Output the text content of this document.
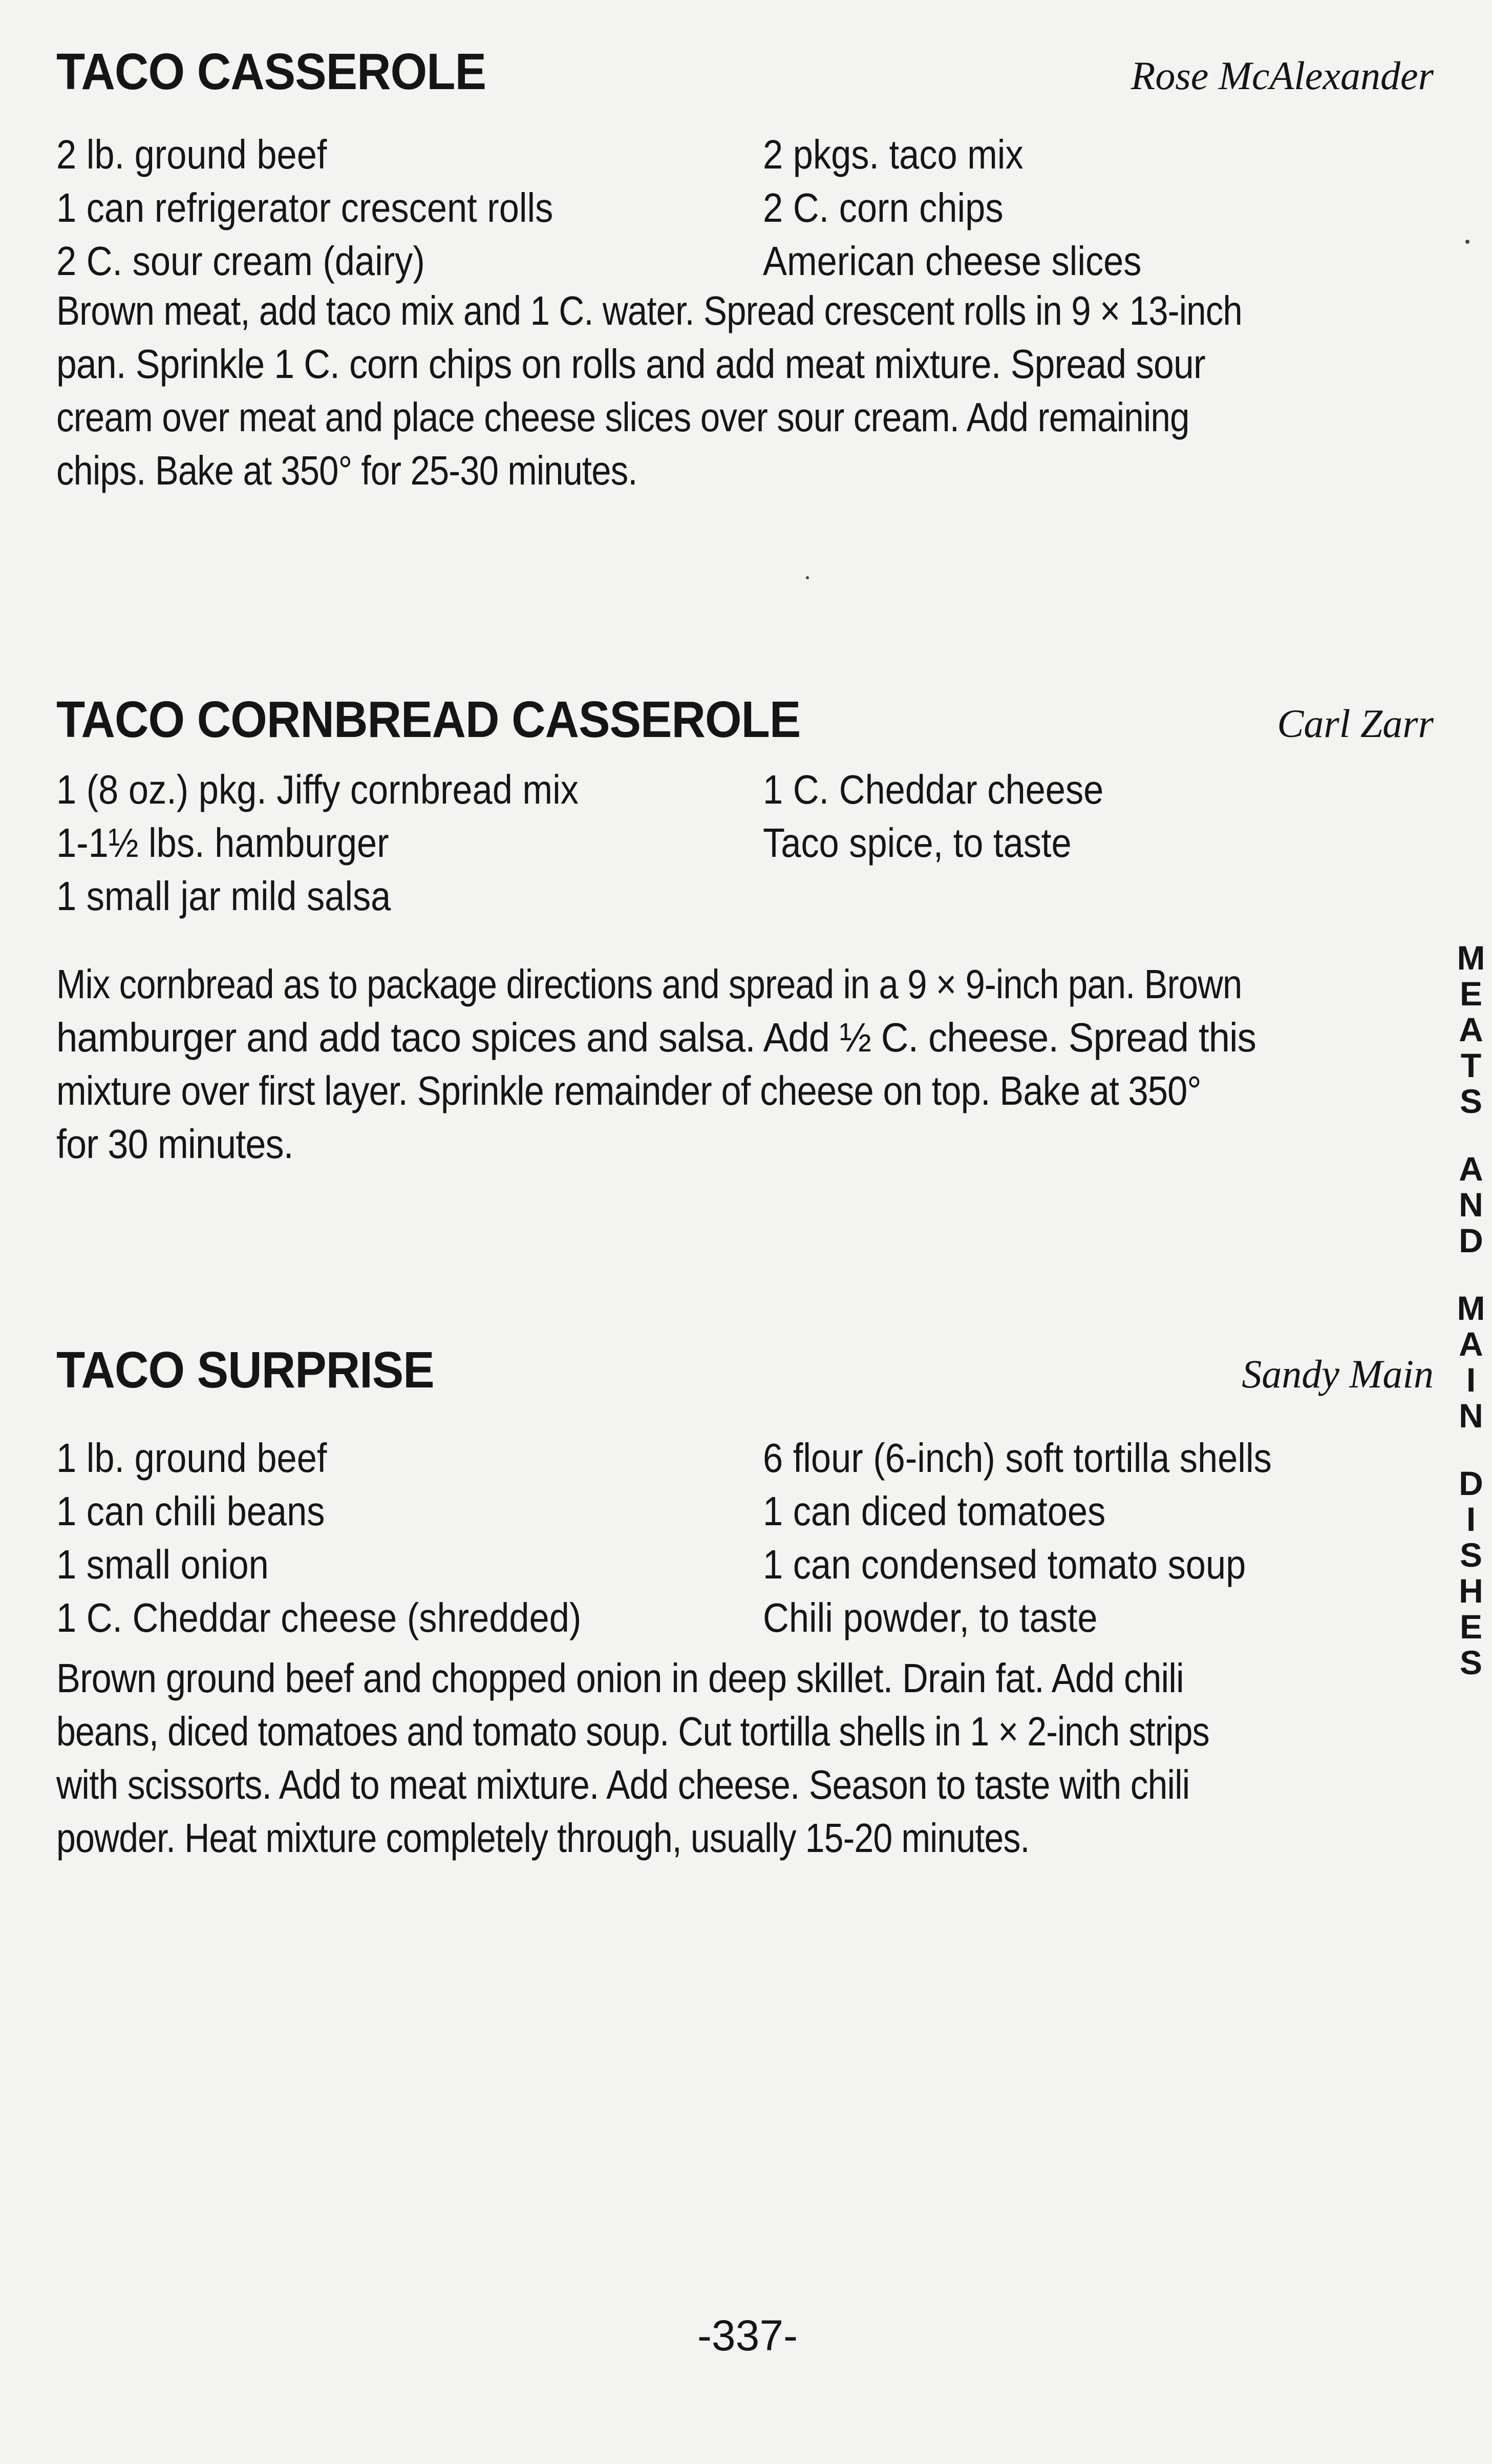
TACO CASSEROLE	Rose McAlexander
2 lb. ground beef
1 can refrigerator crescent rolls
2 C. sour cream (dairy)
2 pkgs. taco mix
2 C. corn chips
American cheese slices
Brown meat, add taco mix and 1 C. water. Spread crescent rolls in 9 × 13-inch
pan. Sprinkle 1 C. corn chips on rolls and add meat mixture. Spread sour
cream over meat and place cheese slices over sour cream. Add remaining
chips. Bake at 350° for 25-30 minutes.
TACO CORNBREAD CASSEROLE	Carl Zarr
1 (8 oz.) pkg. Jiffy cornbread mix
1-1½ lbs. hamburger
1 small jar mild salsa
1 C. Cheddar cheese
Taco spice, to taste
Mix cornbread as to package directions and spread in a 9 × 9-inch pan. Brown
hamburger and add taco spices and salsa. Add ½ C. cheese. Spread this
mixture over first layer. Sprinkle remainder of cheese on top. Bake at 350°
for 30 minutes.
TACO SURPRISE	Sandy Main
1 lb. ground beef
1 can chili beans
1 small onion
1 C. Cheddar cheese (shredded)
6 flour (6-inch) soft tortilla shells
1 can diced tomatoes
1 can condensed tomato soup
Chili powder, to taste
Brown ground beef and chopped onion in deep skillet. Drain fat. Add chili
beans, diced tomatoes and tomato soup. Cut tortilla shells in 1 × 2-inch strips
with scissorts. Add to meat mixture. Add cheese. Season to taste with chili
powder. Heat mixture completely through, usually 15-20 minutes.
M
E
A
T
S
A
N
D
M
A
I
N
D
I
S
H
E
S
-337-
